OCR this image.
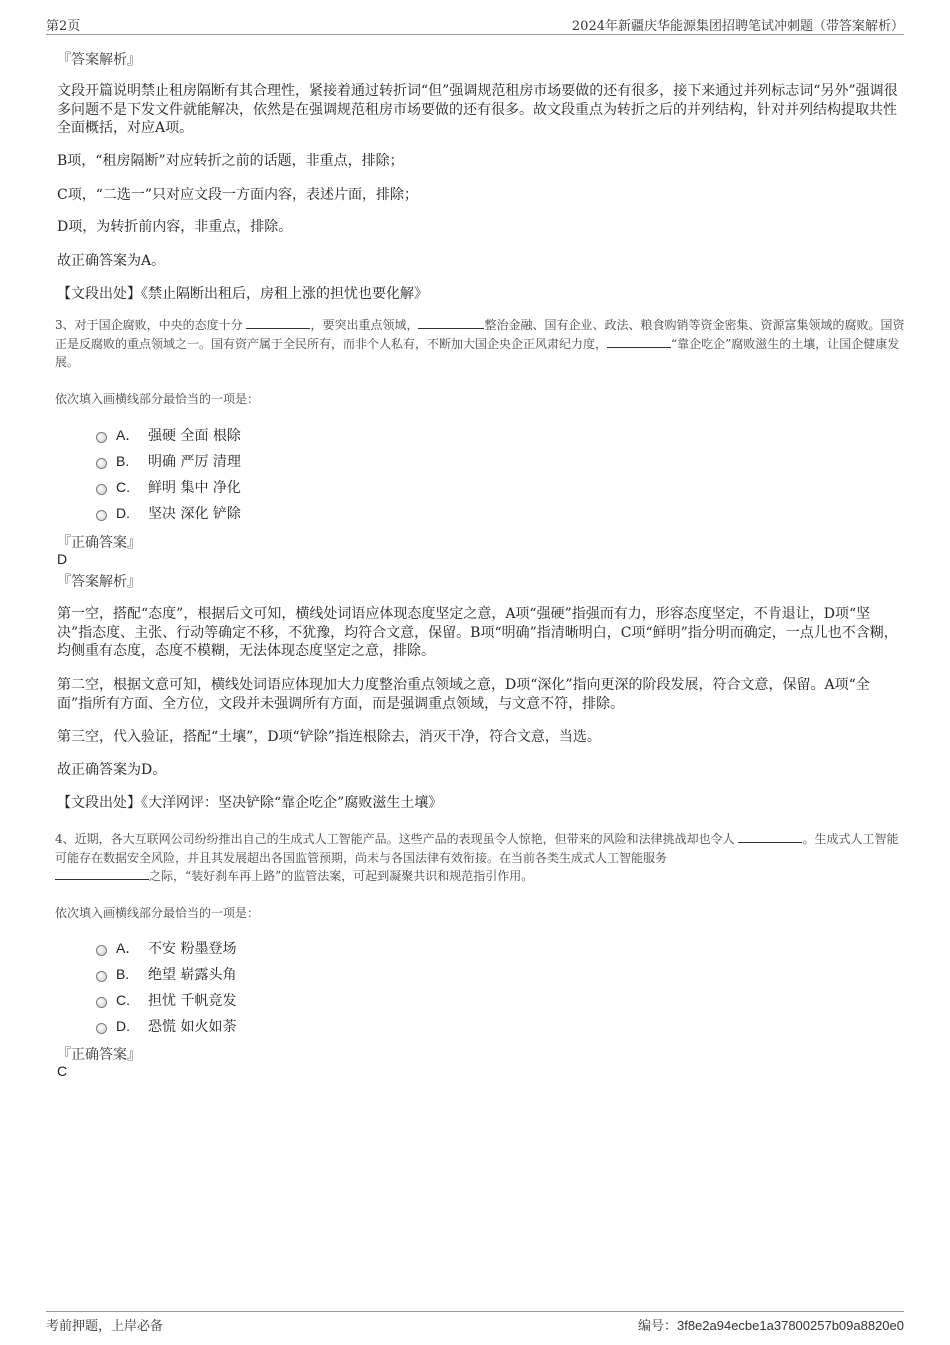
第2页	2024年新疆庆华能源集团招聘笔试冲刺题（带答案解析）
『答案解析』

文段开篇说明禁止租房隔断有其合理性，紧接着通过转折词“但”强调规范租房市场要做的还有很多，接下来通过并列标志词“另外”强调很多问题不是下发文件就能解决，依然是在强调规范租房市场要做的还有很多。故文段重点为转折之后的并列结构，针对并列结构提取共性全面概括，对应A项。

B项，“租房隔断”对应转折之前的话题，非重点，排除；

C项，“二选一”只对应文段一方面内容，表述片面，排除；

D项，为转折前内容，非重点，排除。

故正确答案为A。

【文段出处】《禁止隔断出租后，房租上涨的担忧也要化解》

3、对于国企腐败，中央的态度十分	，要突出重点领域，	整治金融、国有企业、政法、粮食购销等资金密集、资源富集领域的腐败。国资正是反腐败的重点领域之一。国有资产属于全民所有，而非个人私有，不断加大国企央企正风肃纪力度，	“靠企吃企”腐败滋生的土壤，让国企健康发展。
依次填入画横线部分最恰当的一项是：
A． 强硬 全面 根除
B.	明确 严厉 清理
C.	鲜明 集中 净化
D.	坚决 深化 铲除
『正确答案』
D
『答案解析』

第一空，搭配“态度”，根据后文可知，横线处词语应体现态度坚定之意，A项“强硬”指强而有力，形容态度坚定，不肯退让，D项“坚决”指态度、主张、行动等确定不移，不犹豫，均符合文意，保留。B项“明确”指清晰明白，C项“鲜明”指分明而确定，一点儿也不含糊，均侧重有态度，态度不模糊，无法体现态度坚定之意，排除。

第二空，根据文意可知，横线处词语应体现加大力度整治重点领域之意，D项“深化”指向更深的阶段发展，符合文意，保留。A项“全面”指所有方面、全方位，文段并未强调所有方面，而是强调重点领域，与文意不符，排除。

第三空，代入验证，搭配“土壤”，D项“铲除”指连根除去，消灭干净，符合文意，当选。

故正确答案为D。

【文段出处】《大洋网评：坚决铲除“靠企吃企”腐败滋生土壤》

4、近期，各大互联网公司纷纷推出自己的生成式人工智能产品。这些产品的表现虽令人惊艳，但带来的风险和法律挑战却也令人	。生成式人工智能可能存在数据安全风险，并且其发展超出各国监管预期，尚未与各国法律有效衔接。在当前各类生成式人工智能服务
之际，“装好刹车再上路”的监管法案，可起到凝聚共识和规范指引作用。
依次填入画横线部分最恰当的一项是：
A． 不安 粉墨登场
B.	绝望 崭露头角
C.	担忧 千帆竞发
D.	恐慌 如火如荼
『正确答案』
C
考前押题，上岸必备	编号：3f8e2a94ecbe1a37800257b09a8820e0
